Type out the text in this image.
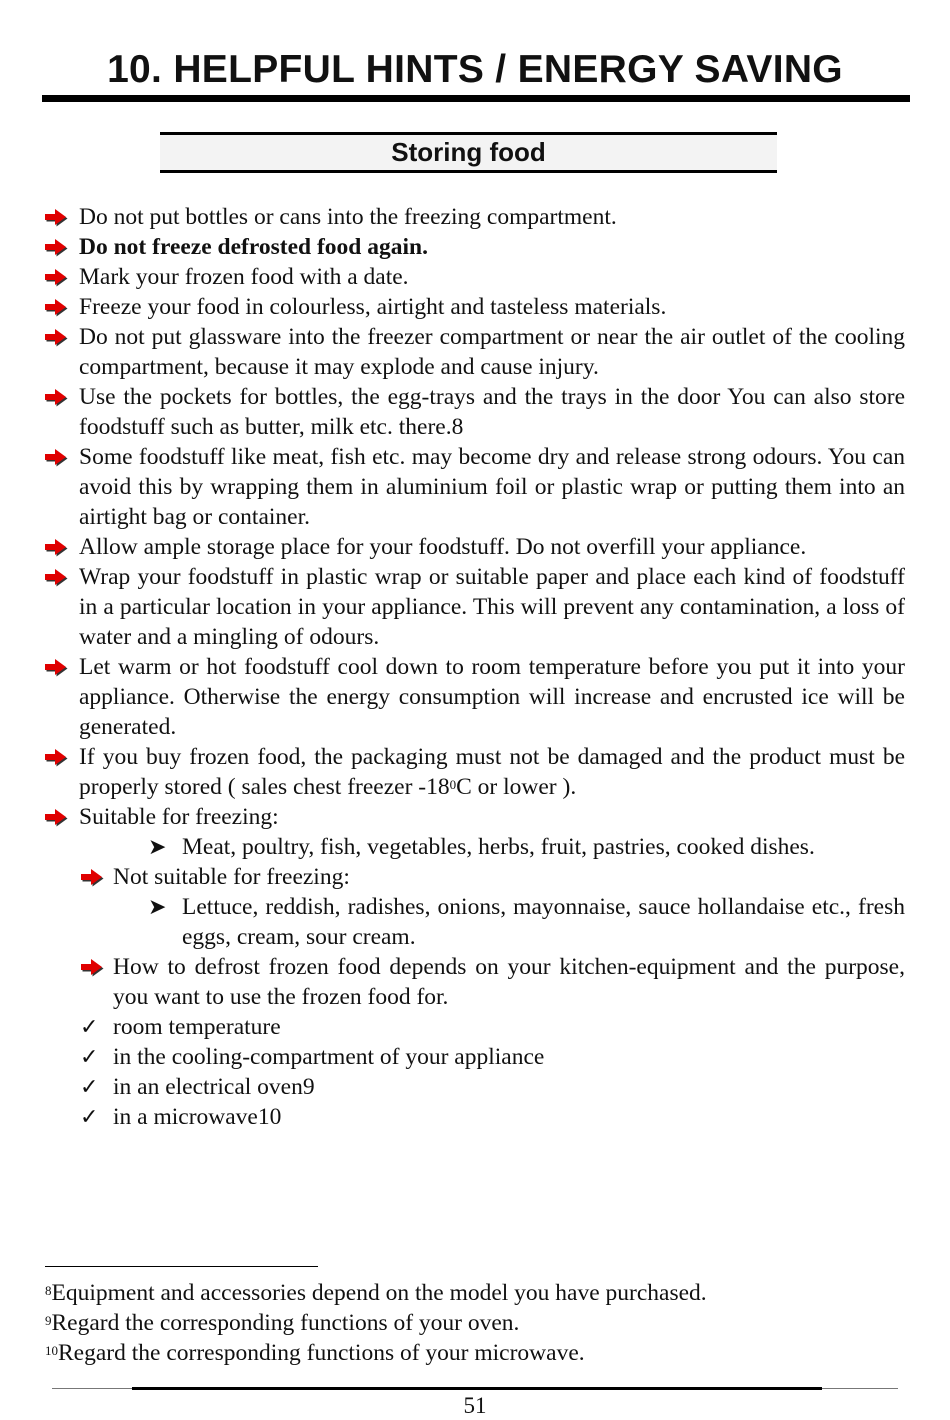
10. HELPFUL HINTS / ENERGY SAVING
Storing food
Do not put bottles or cans into the freezing compartment.
Do not freeze defrosted food again.
Mark your frozen food with a date.
Freeze your food in colourless, airtight and tasteless materials.
Do not put glassware into the freezer compartment or near the air outlet of the cooling compartment, because it may explode and cause injury.
Use the pockets for bottles, the egg-trays and the trays in the door You can also store foodstuff such as butter, milk etc. there.8
Some foodstuff like meat, fish etc. may become dry and release strong odours. You can avoid this by wrapping them in aluminium foil or plastic wrap or putting them into an airtight bag or container.
Allow ample storage place for your foodstuff. Do not overfill your appliance.
Wrap your foodstuff in plastic wrap or suitable paper and place each kind of foodstuff in a particular location in your appliance. This will prevent any contamination, a loss of water and a mingling of odours.
Let warm or hot foodstuff cool down to room temperature before you put it into your appliance. Otherwise the energy consumption will increase and encrusted ice will be generated.
If you buy frozen food, the packaging must not be damaged and the product must be properly stored ( sales chest freezer $-18^0C$ or lower ).
Suitable for freezing:
➤ Meat, poultry, fish, vegetables, herbs, fruit, pastries, cooked dishes.
Not suitable for freezing:
➤ Lettuce, reddish, radishes, onions, mayonnaise, sauce hollandaise etc., fresh eggs, cream, sour cream.
How to defrost frozen food depends on your kitchen-equipment and the purpose, you want to use the frozen food for.
✓ room temperature
✓ in the cooling-compartment of your appliance
✓ in an electrical oven9
✓ in a microwave10
$^8$Equipment and accessories depend on the model you have purchased.
$^9$Regard the corresponding functions of your oven.
$^{10}$Regard the corresponding functions of your microwave.
51
